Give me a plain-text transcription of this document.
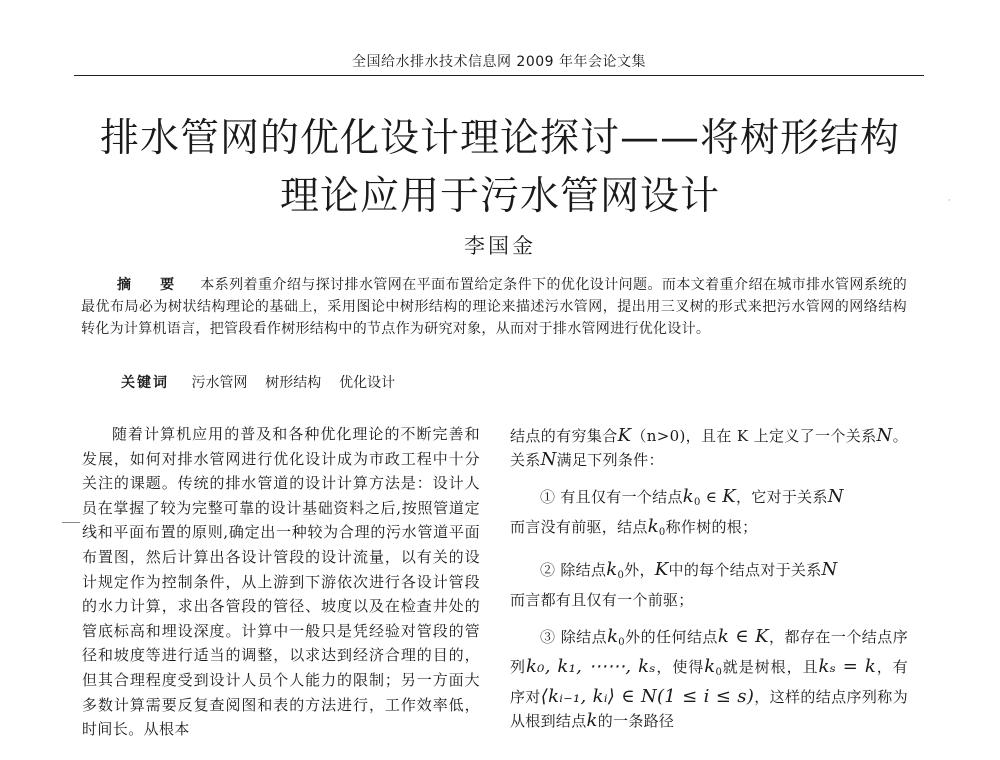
全国给水排水技术信息网 2009 年年会论文集
排水管网的优化设计理论探讨——将树形结构
理论应用于污水管网设计
李国金
摘 要 本系列着重介绍与探讨排水管网在平面布置给定条件下的优化设计问题。而本文着重介绍在城市排水管网系统的最优布局必为树状结构理论的基础上，采用图论中树形结构的理论来描述污水管网，提出用三叉树的形式来把污水管网的网络结构转化为计算机语言，把管段看作树形结构中的节点作为研究对象，从而对于排水管网进行优化设计。
关键词 污水管网 树形结构 优化设计
·

随着计算机应用的普及和各种优化理论的不断完善和发展，如何对排水管网进行优化设计成为市政工程中十分关注的课题。传统的排水管道的设计计算方法是：设计人员在掌握了较为完整可靠的设计基础资料之后,按照管道定线和平面布置的原则,确定出一种较为合理的污水管道平面布置图，然后计算出各设计管段的设计流量，以有关的设计规定作为控制条件，从上游到下游依次进行各设计管段的水力计算，求出各管段的管径、坡度以及在检查井处的管底标高和埋设深度。计算中一般只是凭经验对管段的管径和坡度等进行适当的调整，以求达到经济合理的目的，但其合理程度受到设计人员个人能力的限制；另一方面大多数计算需要反复查阅图和表的方法进行，工作效率低，时间长。从根本

结点的有穷集合K（n>0)，且在 K 上定义了一个关系N。关系N满足下列条件：

① 有且仅有一个结点$k_0$ ∈ K，它对于关系N
而言没有前驱，结点$k_0$称作树的根；

② 除结点$k_0$外，K中的每个结点对于关系N
而言都有且仅有一个前驱；

③ 除结点$k_0$外的任何结点k ∈ K，都存在一个结点序列k₀, k₁, ⋯⋯, kₛ，使得$k_0$就是树根，且kₛ = k，有序对⟨kᵢ₋₁, kᵢ⟩ ∈ N(1 ≤ i ≤ s)，这样的结点序列称为从根到结点k的一条路径
